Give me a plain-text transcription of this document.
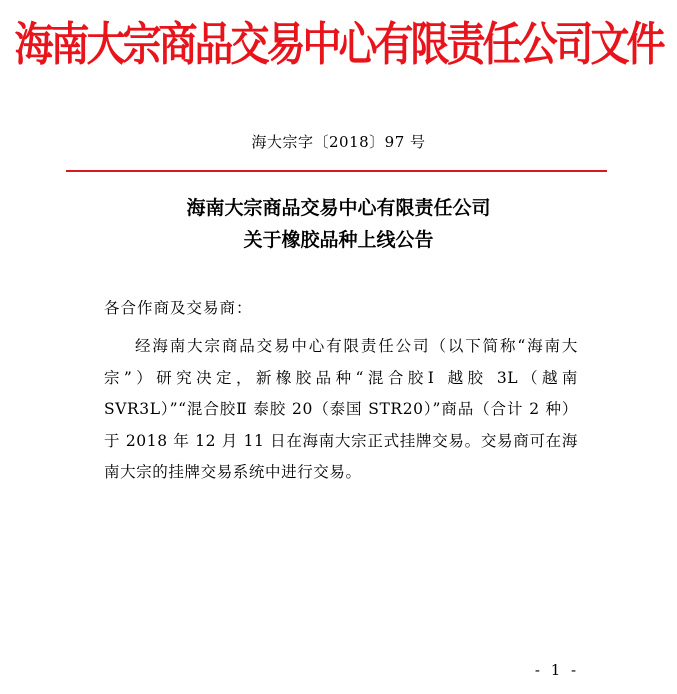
海南大宗商品交易中心有限责任公司文件
海大宗字〔2018〕97 号
海南大宗商品交易中心有限责任公司
关于橡胶品种上线公告
各合作商及交易商：

经海南大宗商品交易中心有限责任公司（以下简称“海南大宗”）研究决定，新橡胶品种“混合胶Ⅰ 越胶 3L（越南 SVR3L）”“混合胶Ⅱ 泰胶 20（泰国 STR20）”商品（合计 2 种）于 2018 年 12 月 11 日在海南大宗正式挂牌交易。交易商可在海南大宗的挂牌交易系统中进行交易。

- 1 -
